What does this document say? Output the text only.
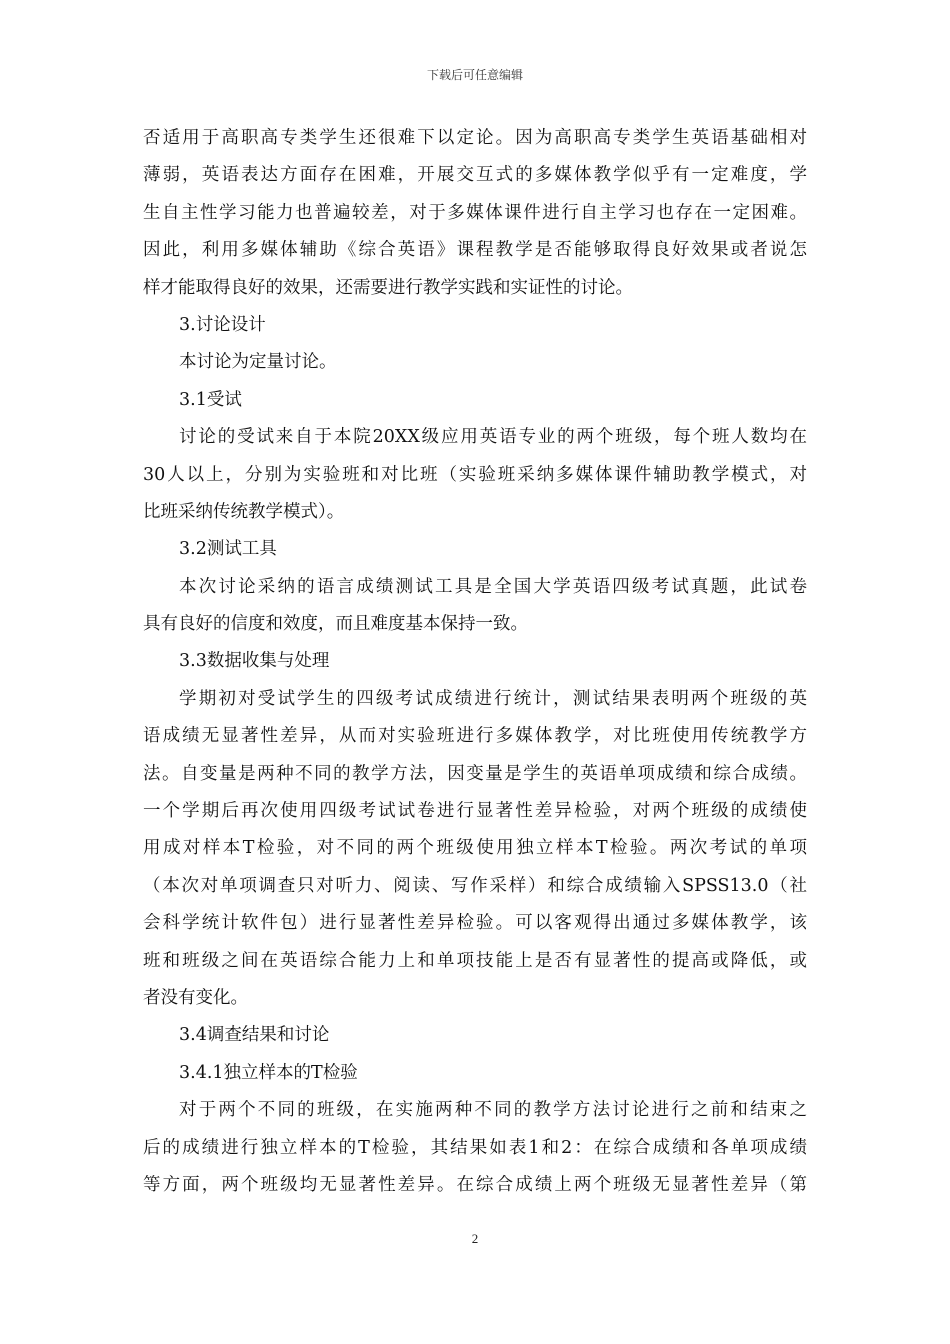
下载后可任意编辑
否适用于高职高专类学生还很难下以定论。因为高职高专类学生英语基础相对
薄弱，英语表达方面存在困难，开展交互式的多媒体教学似乎有一定难度，学
生自主性学习能力也普遍较差，对于多媒体课件进行自主学习也存在一定困难。
因此，利用多媒体辅助《综合英语》课程教学是否能够取得良好效果或者说怎
样才能取得良好的效果，还需要进行教学实践和实证性的讨论。
3.讨论设计
本讨论为定量讨论。
3.1受试
讨论的受试来自于本院20XX级应用英语专业的两个班级，每个班人数均在
30人以上，分别为实验班和对比班（实验班采纳多媒体课件辅助教学模式，对
比班采纳传统教学模式）。
3.2测试工具
本次讨论采纳的语言成绩测试工具是全国大学英语四级考试真题，此试卷
具有良好的信度和效度，而且难度基本保持一致。
3.3数据收集与处理
学期初对受试学生的四级考试成绩进行统计，测试结果表明两个班级的英
语成绩无显著性差异，从而对实验班进行多媒体教学，对比班使用传统教学方
法。自变量是两种不同的教学方法，因变量是学生的英语单项成绩和综合成绩。
一个学期后再次使用四级考试试卷进行显著性差异检验，对两个班级的成绩使
用成对样本T检验，对不同的两个班级使用独立样本T检验。两次考试的单项
（本次对单项调查只对听力、阅读、写作采样）和综合成绩输入SPSS13.0（社
会科学统计软件包）进行显著性差异检验。可以客观得出通过多媒体教学，该
班和班级之间在英语综合能力上和单项技能上是否有显著性的提高或降低，或
者没有变化。
3.4调查结果和讨论
3.4.1独立样本的T检验
对于两个不同的班级，在实施两种不同的教学方法讨论进行之前和结束之
后的成绩进行独立样本的T检验，其结果如表1和2：在综合成绩和各单项成绩
等方面，两个班级均无显著性差异。在综合成绩上两个班级无显著性差异（第
2
